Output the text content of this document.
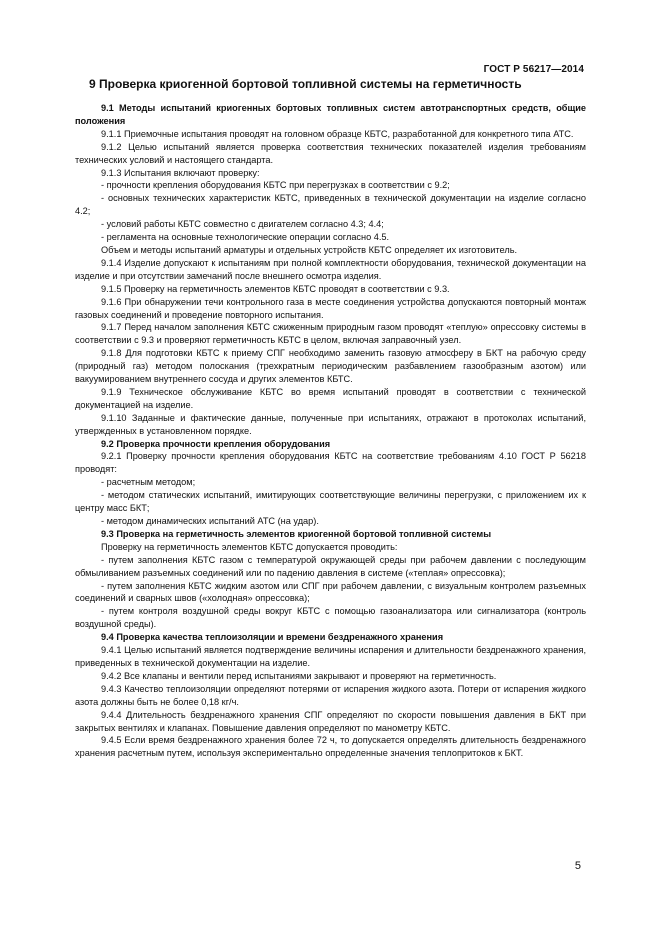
ГОСТ Р 56217—2014
9 Проверка криогенной бортовой топливной системы на герметичность

9.1 Методы испытаний криогенных бортовых топливных систем автотранспортных средств, общие положения

9.1.1 Приемочные испытания проводят на головном образце КБТС, разработанной для конкретного типа АТС.

9.1.2 Целью испытаний является проверка соответствия технических показателей изделия требованиям технических условий и настоящего стандарта.

9.1.3 Испытания включают проверку:

- прочности крепления оборудования КБТС при перегрузках в соответствии с 9.2;

- основных технических характеристик КБТС, приведенных в технической документации на изделие согласно 4.2;

- условий работы КБТС совместно с двигателем согласно 4.3; 4.4;

- регламента на основные технологические операции согласно 4.5.

Объем и методы испытаний арматуры и отдельных устройств КБТС определяет их изготовитель.

9.1.4 Изделие допускают к испытаниям при полной комплектности оборудования, технической документации на изделие и при отсутствии замечаний после внешнего осмотра изделия.

9.1.5 Проверку на герметичность элементов КБТС проводят в соответствии с 9.3.

9.1.6 При обнаружении течи контрольного газа в месте соединения устройства допускаются повторный монтаж газовых соединений и проведение повторного испытания.

9.1.7 Перед началом заполнения КБТС сжиженным природным газом проводят «теплую» опрессовку системы в соответствии с 9.3 и проверяют герметичность КБТС в целом, включая заправочный узел.

9.1.8 Для подготовки КБТС к приему СПГ необходимо заменить газовую атмосферу в БКТ на рабочую среду (природный газ) методом полоскания (трехкратным периодическим разбавлением газообразным азотом) или вакуумированием внутреннего сосуда и других элементов КБТС.

9.1.9 Техническое обслуживание КБТС во время испытаний проводят в соответствии с технической документацией на изделие.

9.1.10 Заданные и фактические данные, полученные при испытаниях, отражают в протоколах испытаний, утвержденных в установленном порядке.

9.2 Проверка прочности крепления оборудования

9.2.1 Проверку прочности крепления оборудования КБТС на соответствие требованиям 4.10 ГОСТ Р 56218 проводят:

- расчетным методом;

- методом статических испытаний, имитирующих соответствующие величины перегрузки, с приложением их к центру масс БКТ;

- методом динамических испытаний АТС (на удар).

9.3 Проверка на герметичность элементов криогенной бортовой топливной системы

Проверку на герметичность элементов КБТС допускается проводить:

- путем заполнения КБТС газом с температурой окружающей среды при рабочем давлении с последующим обмыливанием разъемных соединений или по падению давления в системе («теплая» опрессовка);

- путем заполнения КБТС жидким азотом или СПГ при рабочем давлении, с визуальным контролем разъемных соединений и сварных швов («холодная» опрессовка);

- путем контроля воздушной среды вокруг КБТС с помощью газоанализатора или сигнализатора (контроль воздушной среды).

9.4 Проверка качества теплоизоляции и времени бездренажного хранения

9.4.1 Целью испытаний является подтверждение величины испарения и длительности бездренажного хранения, приведенных в технической документации на изделие.

9.4.2 Все клапаны и вентили перед испытаниями закрывают и проверяют на герметичность.

9.4.3 Качество теплоизоляции определяют потерями от испарения жидкого азота. Потери от испарения жидкого азота должны быть не более 0,18 кг/ч.

9.4.4 Длительность бездренажного хранения СПГ определяют по скорости повышения давления в БКТ при закрытых вентилях и клапанах. Повышение давления определяют по манометру КБТС.

9.4.5 Если время бездренажного хранения более 72 ч, то допускается определять длительность бездренажного хранения расчетным путем, используя экспериментально определенные значения теплопритоков к БКТ.

5
